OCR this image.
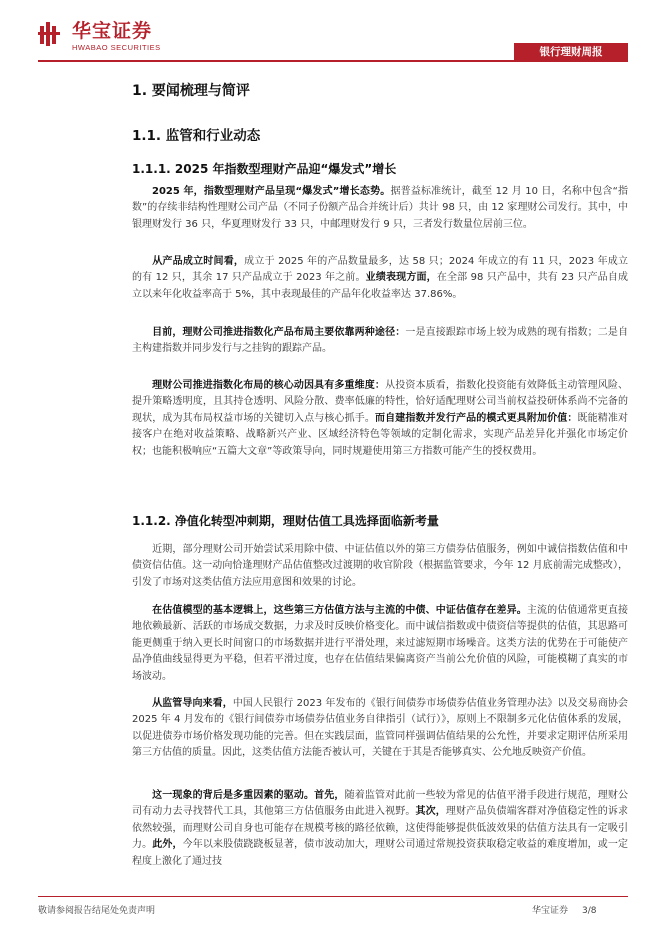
华宝证券
HWABAO SECURITIES	银行理财周报
1. 要闻梳理与简评
1.1. 监管和行业动态
1.1.1. 2025 年指数型理财产品迎“爆发式”增长

2025 年，指数型理财产品呈现“爆发式”增长态势。据普益标准统计，截至 12 月 10 日，名称中包含“指数”的存续非结构性理财公司产品（不同子份额产品合并统计后）共计 98 只，由 12 家理财公司发行。其中，中银理财发行 36 只，华夏理财发行 33 只，中邮理财发行 9 只，三者发行数量位居前三位。

从产品成立时间看，成立于 2025 年的产品数量最多，达 58 只；2024 年成立的有 11 只，2023 年成立的有 12 只，其余 17 只产品成立于 2023 年之前。业绩表现方面，在全部 98 只产品中，共有 23 只产品自成立以来年化收益率高于 5%，其中表现最佳的产品年化收益率达 37.86%。

目前，理财公司推进指数化产品布局主要依靠两种途径：一是直接跟踪市场上较为成熟的现有指数；二是自主构建指数并同步发行与之挂钩的跟踪产品。

理财公司推进指数化布局的核心动因具有多重维度：从投资本质看，指数化投资能有效降低主动管理风险、提升策略透明度，且其持仓透明、风险分散、费率低廉的特性，恰好适配理财公司当前权益投研体系尚不完备的现状，成为其布局权益市场的关键切入点与核心抓手。而自建指数并发行产品的模式更具附加价值：既能精准对接客户在绝对收益策略、战略新兴产业、区域经济特色等领域的定制化需求，实现产品差异化并强化市场定价权；也能积极响应“五篇大文章”等政策导向，同时规避使用第三方指数可能产生的授权费用。

1.1.2. 净值化转型冲刺期，理财估值工具选择面临新考量

近期，部分理财公司开始尝试采用除中债、中证估值以外的第三方债券估值服务，例如中诚信指数估值和中债资信估值。这一动向恰逢理财产品估值整改过渡期的收官阶段（根据监管要求，今年 12 月底前需完成整改），引发了市场对这类估值方法应用意图和效果的讨论。

在估值模型的基本逻辑上，这些第三方估值方法与主流的中债、中证估值存在差异。主流的估值通常更直接地依赖最新、活跃的市场成交数据，力求及时反映价格变化。而中诚信指数或中债资信等提供的估值，其思路可能更侧重于纳入更长时间窗口的市场数据并进行平滑处理，来过滤短期市场噪音。这类方法的优势在于可能使产品净值曲线显得更为平稳，但若平滑过度，也存在估值结果偏离资产当前公允价值的风险，可能模糊了真实的市场波动。

从监管导向来看，中国人民银行 2023 年发布的《银行间债券市场债券估值业务管理办法》以及交易商协会 2025 年 4 月发布的《银行间债券市场债券估值业务自律指引（试行）》，原则上不限制多元化估值体系的发展，以促进债券市场价格发现功能的完善。但在实践层面，监管同样强调估值结果的公允性，并要求定期评估所采用第三方估值的质量。因此，这类估值方法能否被认可，关键在于其是否能够真实、公允地反映资产价值。

这一现象的背后是多重因素的驱动。首先，随着监管对此前一些较为常见的估值平滑手段进行规范，理财公司有动力去寻找替代工具，其他第三方估值服务由此进入视野。其次，理财产品负债端客群对净值稳定性的诉求依然较强，而理财公司自身也可能存在规模考核的路径依赖，这使得能够提供低波效果的估值方法具有一定吸引力。此外，今年以来股债跷跷板显著，债市波动加大，理财公司通过常规投资获取稳定收益的难度增加，或一定程度上激化了通过技

敬请参阅报告结尾处免责声明	华宝证券 3/8
